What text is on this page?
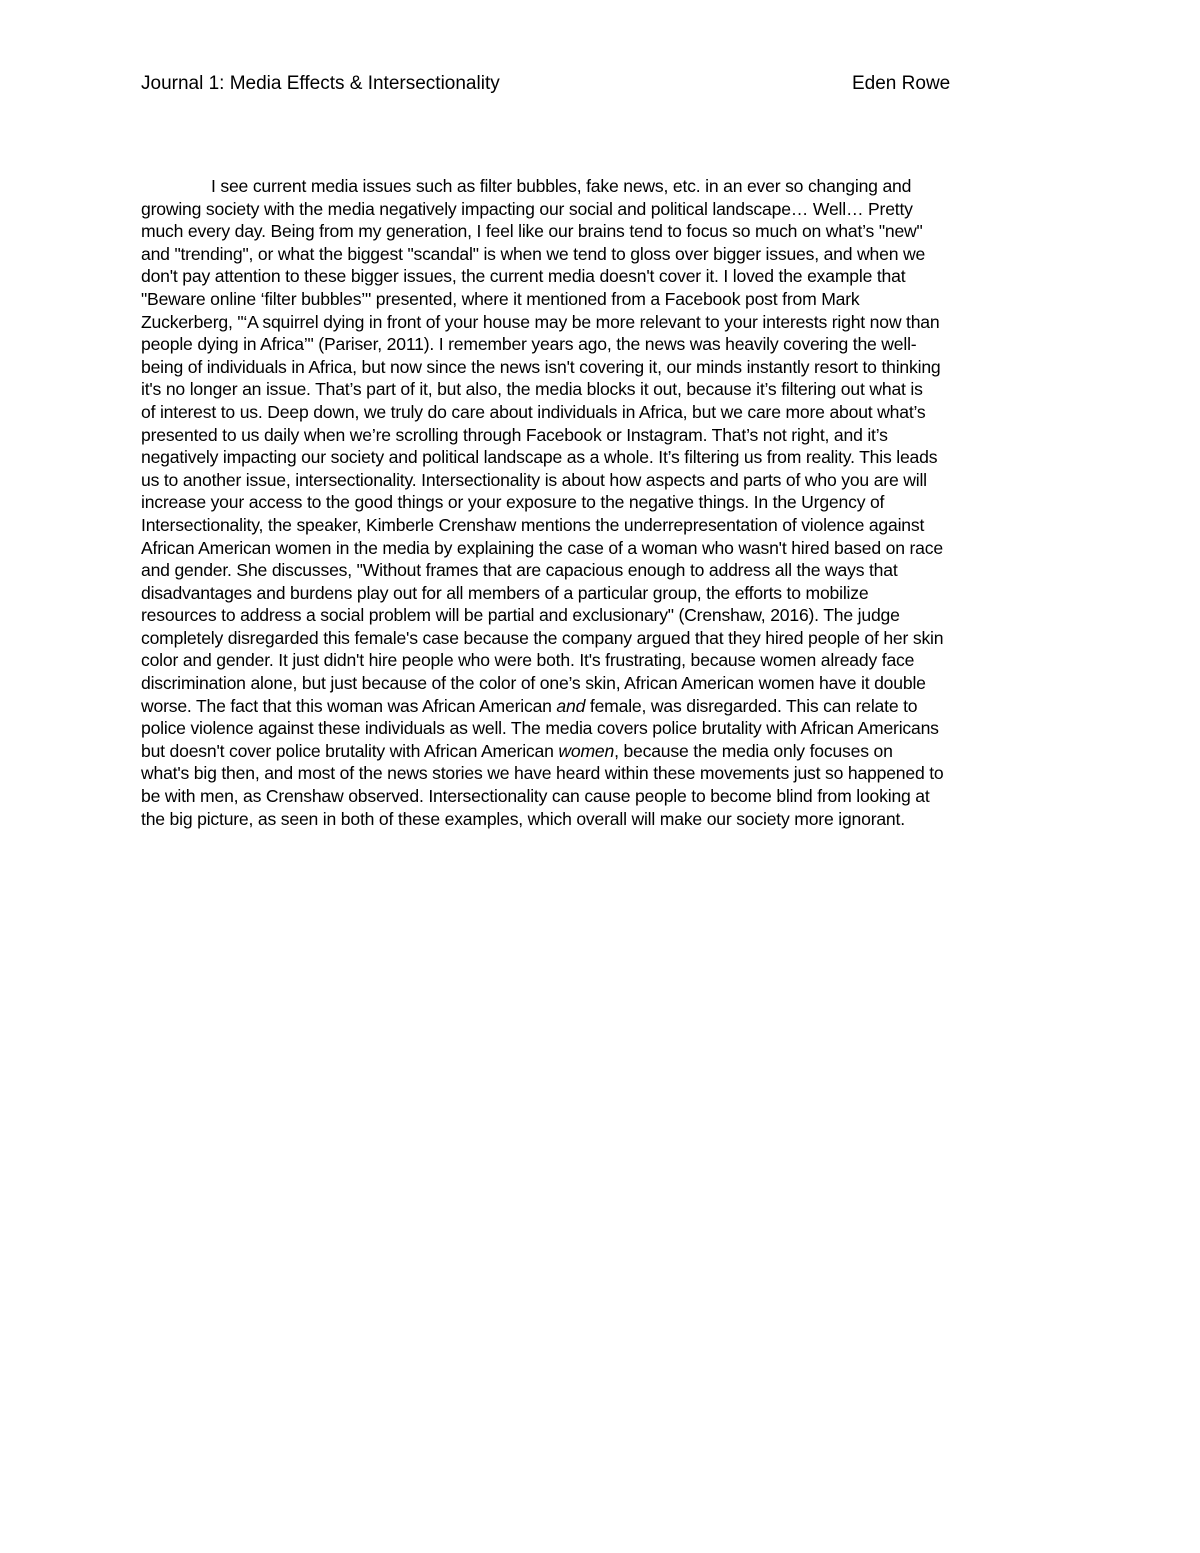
Journal 1: Media Effects & Intersectionality	Eden Rowe
I see current media issues such as filter bubbles, fake news, etc. in an ever so changing and
growing society with the media negatively impacting our social and political landscape… Well… Pretty
much every day. Being from my generation, I feel like our brains tend to focus so much on what’s "new"
and "trending", or what the biggest "scandal" is when we tend to gloss over bigger issues, and when we
don't pay attention to these bigger issues, the current media doesn't cover it. I loved the example that
"Beware online ‘filter bubbles’" presented, where it mentioned from a Facebook post from Mark
Zuckerberg, "‘A squirrel dying in front of your house may be more relevant to your interests right now than
people dying in Africa’" (Pariser, 2011). I remember years ago, the news was heavily covering the well-
being of individuals in Africa, but now since the news isn't covering it, our minds instantly resort to thinking
it's no longer an issue. That’s part of it, but also, the media blocks it out, because it’s filtering out what is
of interest to us. Deep down, we truly do care about individuals in Africa, but we care more about what’s
presented to us daily when we’re scrolling through Facebook or Instagram. That’s not right, and it’s
negatively impacting our society and political landscape as a whole. It’s filtering us from reality. This leads
us to another issue, intersectionality. Intersectionality is about how aspects and parts of who you are will
increase your access to the good things or your exposure to the negative things. In the Urgency of
Intersectionality, the speaker, Kimberle Crenshaw mentions the underrepresentation of violence against
African American women in the media by explaining the case of a woman who wasn't hired based on race
and gender. She discusses, "Without frames that are capacious enough to address all the ways that
disadvantages and burdens play out for all members of a particular group, the efforts to mobilize
resources to address a social problem will be partial and exclusionary" (Crenshaw, 2016). The judge
completely disregarded this female's case because the company argued that they hired people of her skin
color and gender. It just didn't hire people who were both. It's frustrating, because women already face
discrimination alone, but just because of the color of one’s skin, African American women have it double
worse. The fact that this woman was African American and female, was disregarded. This can relate to
police violence against these individuals as well. The media covers police brutality with African Americans
but doesn't cover police brutality with African American women, because the media only focuses on
what's big then, and most of the news stories we have heard within these movements just so happened to
be with men, as Crenshaw observed. Intersectionality can cause people to become blind from looking at
the big picture, as seen in both of these examples, which overall will make our society more ignorant.
